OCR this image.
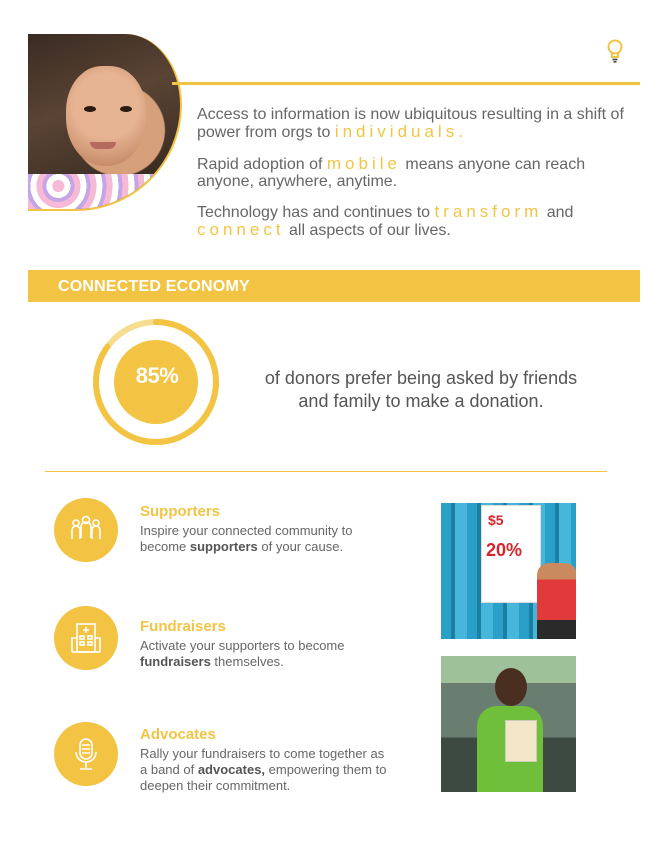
Access to information is now ubiquitous resulting in a shift of power from orgs to individuals.
Rapid adoption of mobile means anyone can reach anyone, anywhere, anytime.
Technology has and continues to transform and connect all aspects of our lives.
CONNECTED ECONOMY
85%	of donors prefer being asked by friends and family to make a donation.
Supporters
Inspire your connected community to become supporters of your cause.
Fundraisers
Activate your supporters to become fundraisers themselves.
Advocates
Rally your fundraisers to come together as a band of advocates, empowering them to deepen their commitment.
$5
20%
